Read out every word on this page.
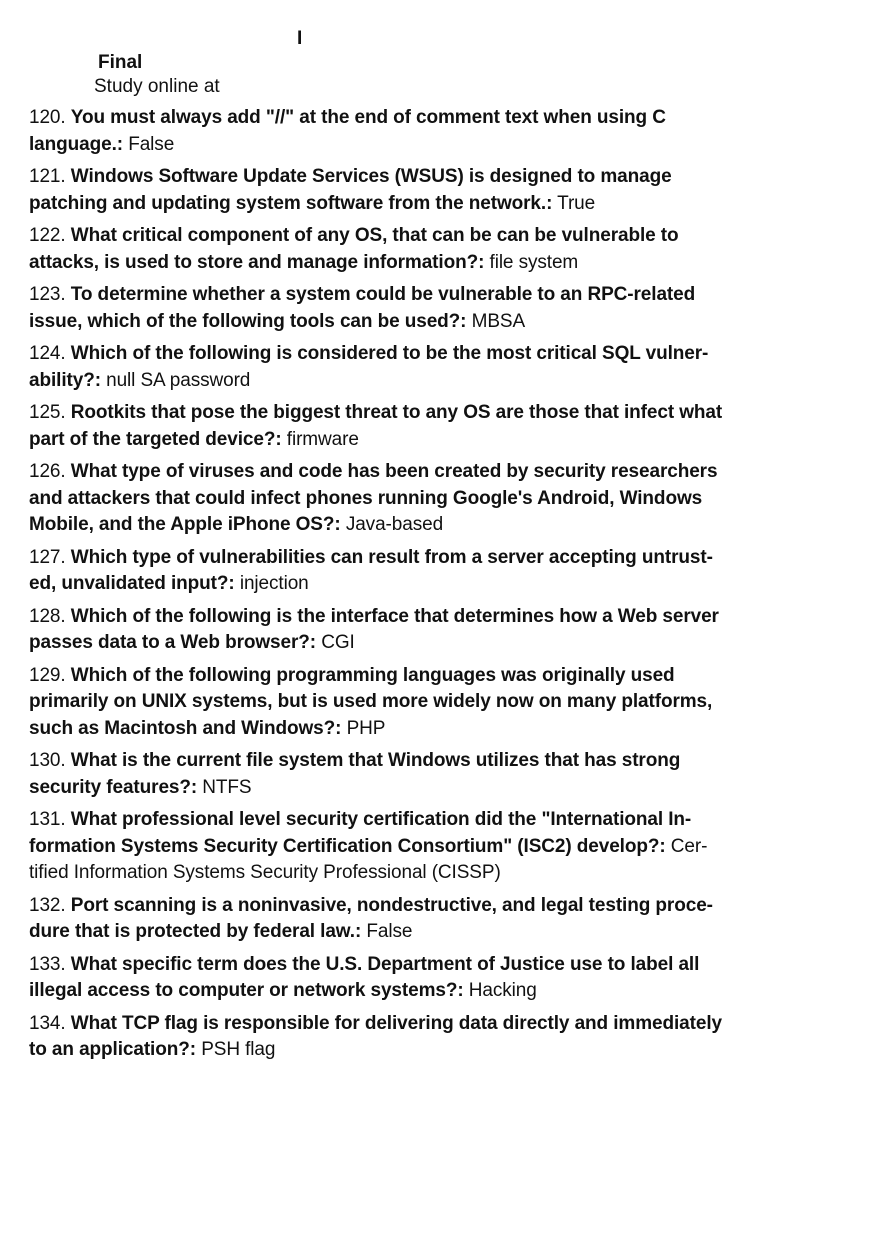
I
Final
Study online at
120. You must always add "//" at the end of comment text when using C language.: False
121. Windows Software Update Services (WSUS) is designed to manage patching and updating system software from the network.: True
122. What critical component of any OS, that can be can be vulnerable to attacks, is used to store and manage information?: file system
123. To determine whether a system could be vulnerable to an RPC-related issue, which of the following tools can be used?: MBSA
124. Which of the following is considered to be the most critical SQL vulner-ability?: null SA password
125. Rootkits that pose the biggest threat to any OS are those that infect what part of the targeted device?: firmware
126. What type of viruses and code has been created by security researchers and attackers that could infect phones running Google's Android, Windows Mobile, and the Apple iPhone OS?: Java-based
127. Which type of vulnerabilities can result from a server accepting untrust-ed, unvalidated input?: injection
128. Which of the following is the interface that determines how a Web server passes data to a Web browser?: CGI
129. Which of the following programming languages was originally used primarily on UNIX systems, but is used more widely now on many platforms, such as Macintosh and Windows?: PHP
130. What is the current file system that Windows utilizes that has strong security features?: NTFS
131. What professional level security certification did the "International In-formation Systems Security Certification Consortium" (ISC2) develop?: Cer-tified Information Systems Security Professional (CISSP)
132. Port scanning is a noninvasive, nondestructive, and legal testing proce-dure that is protected by federal law.: False
133. What specific term does the U.S. Department of Justice use to label all illegal access to computer or network systems?: Hacking
134. What TCP flag is responsible for delivering data directly and immediately to an application?: PSH flag
